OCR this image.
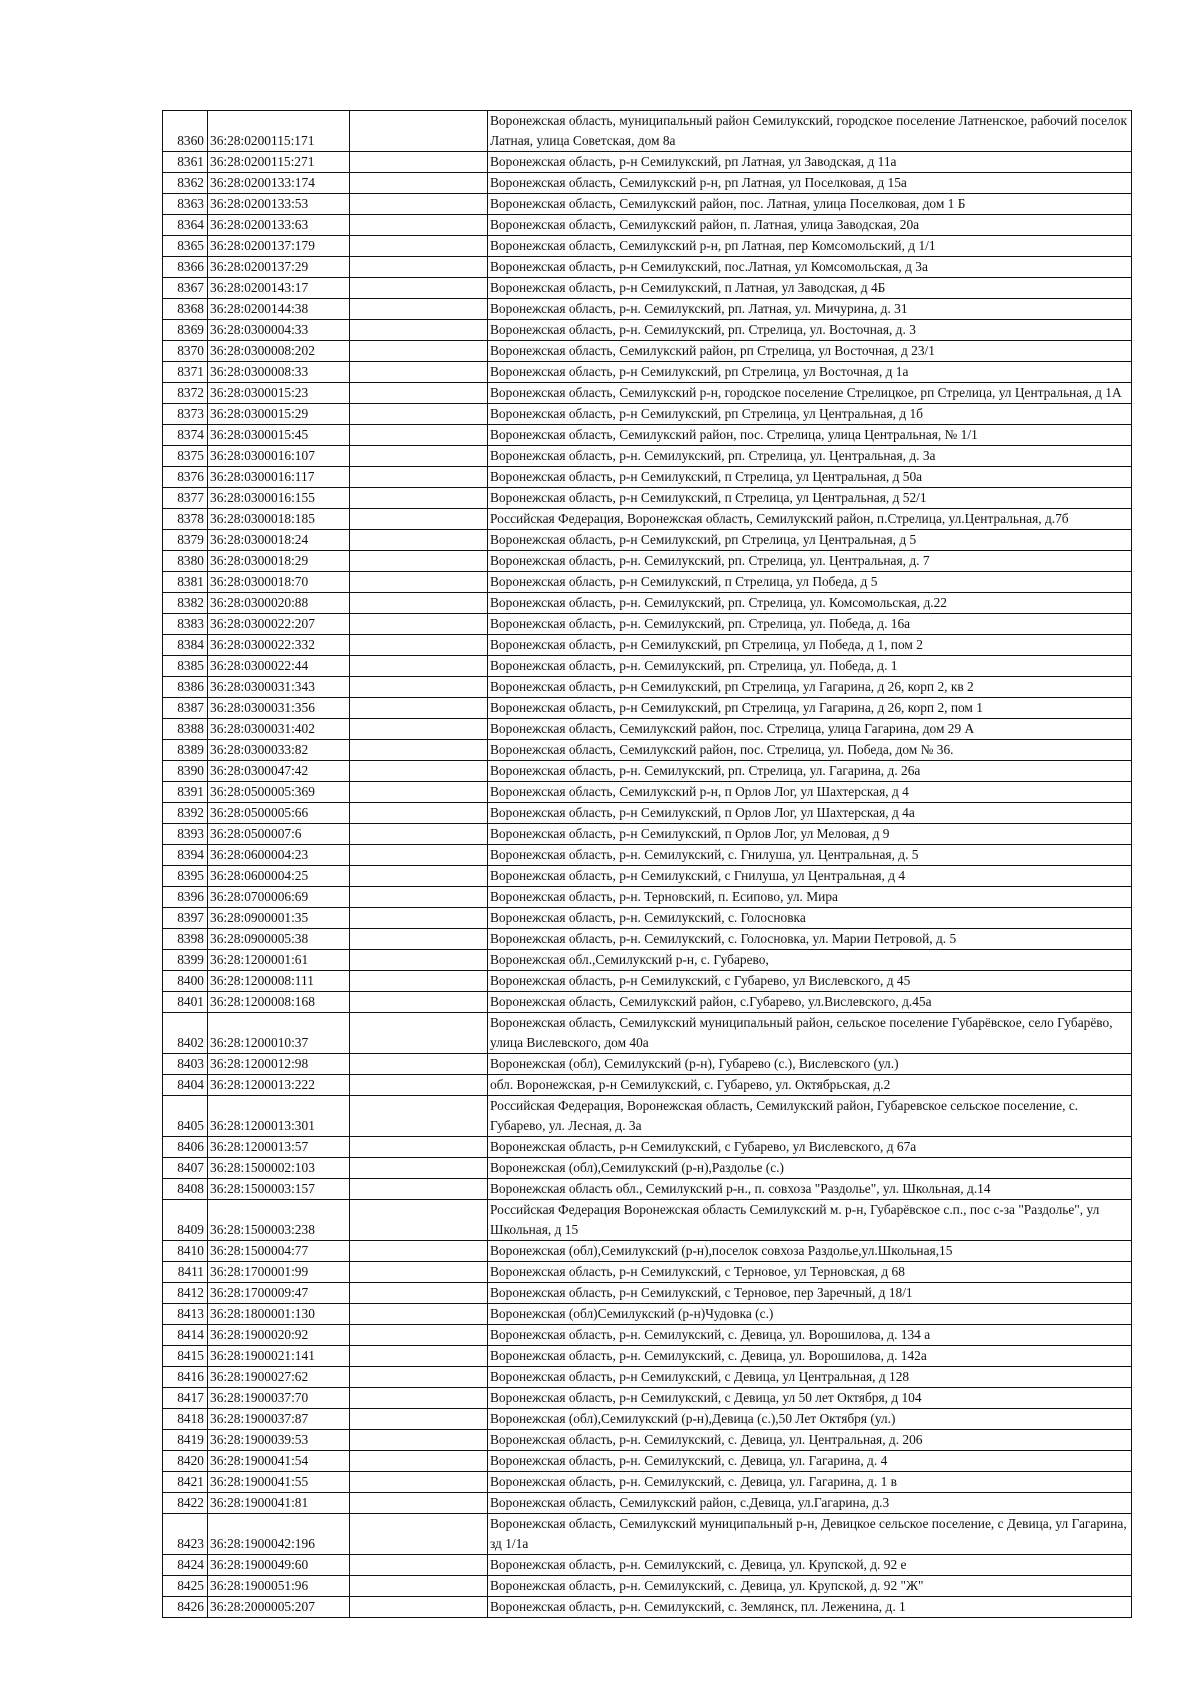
8360	36:28:0200115:171		Воронежская область, муниципальный район Семилукский, городское поселение Латненское, рабочий поселок Латная, улица Советская, дом 8а
8361	36:28:0200115:271		Воронежская область, р-н Семилукский, рп Латная, ул Заводская, д 11а
8362	36:28:0200133:174		Воронежская область, Семилукский р-н, рп Латная, ул Поселковая, д 15а
8363	36:28:0200133:53		Воронежская область, Семилукский район, пос. Латная, улица Поселковая, дом 1 Б
8364	36:28:0200133:63		Воронежская область, Семилукский район, п. Латная, улица Заводская, 20а
8365	36:28:0200137:179		Воронежская область, Семилукский р-н, рп Латная, пер Комсомольский, д 1/1
8366	36:28:0200137:29		Воронежская область, р-н Семилукский, пос.Латная, ул Комсомольская, д 3а
8367	36:28:0200143:17		Воронежская область, р-н Семилукский, п Латная, ул Заводская, д 4Б
8368	36:28:0200144:38		Воронежская область, р-н. Семилукский, рп. Латная, ул. Мичурина, д. 31
8369	36:28:0300004:33		Воронежская область, р-н. Семилукский, рп. Стрелица, ул. Восточная, д. 3
8370	36:28:0300008:202		Воронежская область, Семилукский район, рп Стрелица, ул Восточная, д 23/1
8371	36:28:0300008:33		Воронежская область, р-н Семилукский, рп Стрелица, ул Восточная, д 1а
8372	36:28:0300015:23		Воронежская область, Семилукский р-н, городское поселение Стрелицкое, рп Стрелица, ул Центральная, д 1А
8373	36:28:0300015:29		Воронежская область, р-н Семилукский, рп Стрелица, ул Центральная, д 1б
8374	36:28:0300015:45		Воронежская область, Семилукский район, пос. Стрелица, улица Центральная, № 1/1
8375	36:28:0300016:107		Воронежская область, р-н. Семилукский, рп. Стрелица, ул. Центральная, д. 3а
8376	36:28:0300016:117		Воронежская область, р-н Семилукский, п Стрелица, ул Центральная, д 50а
8377	36:28:0300016:155		Воронежская область, р-н Семилукский, п Стрелица, ул Центральная, д 52/1
8378	36:28:0300018:185		Российская Федерация, Воронежская область, Семилукский район, п.Стрелица, ул.Центральная, д.7б
8379	36:28:0300018:24		Воронежская область, р-н Семилукский, рп Стрелица, ул Центральная, д 5
8380	36:28:0300018:29		Воронежская область, р-н. Семилукский, рп. Стрелица, ул. Центральная, д. 7
8381	36:28:0300018:70		Воронежская область, р-н Семилукский, п Стрелица, ул Победа, д 5
8382	36:28:0300020:88		Воронежская область, р-н. Семилукский, рп. Стрелица, ул. Комсомольская, д.22
8383	36:28:0300022:207		Воронежская область, р-н. Семилукский, рп. Стрелица, ул. Победа, д. 16а
8384	36:28:0300022:332		Воронежская область, р-н Семилукский, рп Стрелица, ул Победа, д 1, пом 2
8385	36:28:0300022:44		Воронежская область, р-н. Семилукский, рп. Стрелица, ул. Победа, д. 1
8386	36:28:0300031:343		Воронежская область, р-н Семилукский, рп Стрелица, ул Гагарина, д 26, корп 2, кв 2
8387	36:28:0300031:356		Воронежская область, р-н Семилукский, рп Стрелица, ул Гагарина, д 26, корп 2, пом 1
8388	36:28:0300031:402		Воронежская область, Семилукский район, пос. Стрелица, улица Гагарина, дом 29 А
8389	36:28:0300033:82		Воронежская область, Семилукский район, пос. Стрелица, ул. Победа, дом № 36.
8390	36:28:0300047:42		Воронежская область, р-н. Семилукский, рп. Стрелица, ул. Гагарина, д. 26а
8391	36:28:0500005:369		Воронежская область, Семилукский р-н, п Орлов Лог, ул Шахтерская, д 4
8392	36:28:0500005:66		Воронежская область, р-н Семилукский, п Орлов Лог, ул Шахтерская, д 4а
8393	36:28:0500007:6		Воронежская область, р-н Семилукский, п Орлов Лог, ул Меловая, д 9
8394	36:28:0600004:23		Воронежская область, р-н. Семилукский, с. Гнилуша, ул. Центральная, д. 5
8395	36:28:0600004:25		Воронежская область, р-н Семилукский, с Гнилуша, ул Центральная, д 4
8396	36:28:0700006:69		Воронежская область, р-н. Терновский, п. Есипово, ул. Мира
8397	36:28:0900001:35		Воронежская область, р-н. Семилукский, с. Голосновка
8398	36:28:0900005:38		Воронежская область, р-н. Семилукский, с. Голосновка, ул. Марии Петровой, д. 5
8399	36:28:1200001:61		Воронежская обл.,Семилукский р-н, с. Губарево,
8400	36:28:1200008:111		Воронежская область, р-н Семилукский, с Губарево, ул Вислевского, д 45
8401	36:28:1200008:168		Воронежская область, Семилукский район, с.Губарево, ул.Вислевского, д.45а
8402	36:28:1200010:37		Воронежская область, Семилукский муниципальный район, сельское поселение Губарёвское, село Губарёво, улица Вислевского, дом 40а
8403	36:28:1200012:98		Воронежская (обл), Семилукский (р-н), Губарево (с.), Вислевского (ул.)
8404	36:28:1200013:222		обл. Воронежская, р-н Семилукский, с. Губарево, ул. Октябрьская, д.2
8405	36:28:1200013:301		Российская Федерация, Воронежская область, Семилукский район, Губаревское сельское поселение, с. Губарево, ул. Лесная, д. 3а
8406	36:28:1200013:57		Воронежская область, р-н Семилукский, с Губарево, ул Вислевского, д 67а
8407	36:28:1500002:103		Воронежская (обл),Семилукский (р-н),Раздолье (с.)
8408	36:28:1500003:157		Воронежская область обл., Семилукский р-н., п. совхоза "Раздолье", ул. Школьная, д.14
8409	36:28:1500003:238		Российская Федерация Воронежская область Семилукский м. р-н, Губарёвское с.п., пос с-за "Раздолье", ул Школьная, д 15
8410	36:28:1500004:77		Воронежская (обл),Семилукский (р-н),поселок совхоза Раздолье,ул.Школьная,15
8411	36:28:1700001:99		Воронежская область, р-н Семилукский, с Терновое, ул Терновская, д 68
8412	36:28:1700009:47		Воронежская область, р-н Семилукский, с Терновое, пер Заречный, д 18/1
8413	36:28:1800001:130		Воронежская (обл)Семилукский (р-н)Чудовка (с.)
8414	36:28:1900020:92		Воронежская область, р-н. Семилукский, с. Девица, ул. Ворошилова, д. 134 а
8415	36:28:1900021:141		Воронежская область, р-н. Семилукский, с. Девица, ул. Ворошилова, д. 142а
8416	36:28:1900027:62		Воронежская область, р-н Семилукский, с Девица, ул Центральная, д 128
8417	36:28:1900037:70		Воронежская область, р-н Семилукский, с Девица, ул 50 лет Октября, д 104
8418	36:28:1900037:87		Воронежская (обл),Семилукский (р-н),Девица (с.),50 Лет Октября (ул.)
8419	36:28:1900039:53		Воронежская область, р-н. Семилукский, с. Девица, ул. Центральная, д. 206
8420	36:28:1900041:54		Воронежская область, р-н. Семилукский, с. Девица, ул. Гагарина, д. 4
8421	36:28:1900041:55		Воронежская область, р-н. Семилукский, с. Девица, ул. Гагарина, д. 1 в
8422	36:28:1900041:81		Воронежская область, Семилукский район, с.Девица, ул.Гагарина, д.3
8423	36:28:1900042:196		Воронежская область, Семилукский муниципальный р-н, Девицкое сельское поселение, с Девица, ул Гагарина, зд 1/1а
8424	36:28:1900049:60		Воронежская область, р-н. Семилукский, с. Девица, ул. Крупской, д. 92 е
8425	36:28:1900051:96		Воронежская область, р-н. Семилукский, с. Девица, ул. Крупской, д. 92 "Ж"
8426	36:28:2000005:207		Воронежская область, р-н. Семилукский, с. Землянск, пл. Леженина, д. 1
